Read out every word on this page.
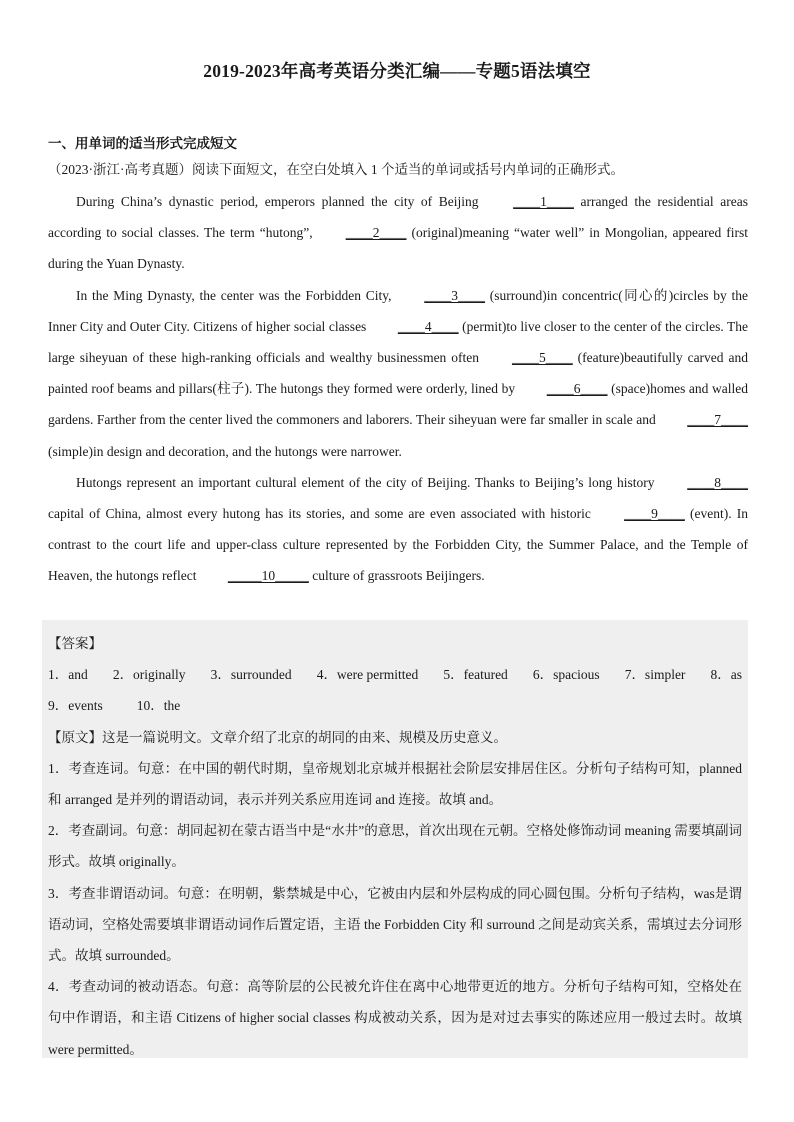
2019-2023年高考英语分类汇编——专题5语法填空
一、用单词的适当形式完成短文
（2023·浙江·高考真题）阅读下面短文，在空白处填入 1 个适当的单词或括号内单词的正确形式。

During China’s dynastic period, emperors planned the city of Beijing ____1____ arranged the residential areas according to social classes. The term “hutong”, ____2____ (original)meaning “water well” in Mongolian, appeared first during the Yuan Dynasty.

In the Ming Dynasty, the center was the Forbidden City, ____3____ (surround)in concentric(同心的)circles by the Inner City and Outer City. Citizens of higher social classes ____4____ (permit)to live closer to the center of the circles. The large siheyuan of these high-ranking officials and wealthy businessmen often ____5____ (feature)beautifully carved and painted roof beams and pillars(柱子). The hutongs they formed were orderly, lined by ____6____ (space)homes and walled gardens. Farther from the center lived the commoners and laborers. Their siheyuan were far smaller in scale and ____7____ (simple)in design and decoration, and the hutongs were narrower.

Hutongs represent an important cultural element of the city of Beijing. Thanks to Beijing’s long history ____8____ capital of China, almost every hutong has its stories, and some are even associated with historic ____9____ (event). In contrast to the court life and upper-class culture represented by the Forbidden City, the Summer Palace, and the Temple of Heaven, the hutongs reflect _____10_____ culture of grassroots Beijingers.

【答案】
1．and 2．originally 3．surrounded 4．were permitted 5．featured 6．spacious 7．simpler 8．as
9．events	10．the

【原文】这是一篇说明文。文章介绍了北京的胡同的由来、规模及历史意义。

1．考查连词。句意：在中国的朝代时期，皇帝规划北京城并根据社会阶层安排居住区。分析句子结构可知，planned和 arranged 是并列的谓语动词，表示并列关系应用连词 and 连接。故填 and。

2．考查副词。句意：胡同起初在蒙古语当中是“水井”的意思，首次出现在元朝。空格处修饰动词 meaning 需要填副词形式。故填 originally。

3．考查非谓语动词。句意：在明朝，紫禁城是中心，它被由内层和外层构成的同心圆包围。分析句子结构，was是谓语动词，空格处需要填非谓语动词作后置定语，主语 the Forbidden City 和 surround 之间是动宾关系，需填过去分词形式。故填 surrounded。

4．考查动词的被动语态。句意：高等阶层的公民被允许住在离中心地带更近的地方。分析句子结构可知，空格处在句中作谓语，和主语 Citizens of higher social classes 构成被动关系，因为是对过去事实的陈述应用一般过去时。故填 were permitted。
